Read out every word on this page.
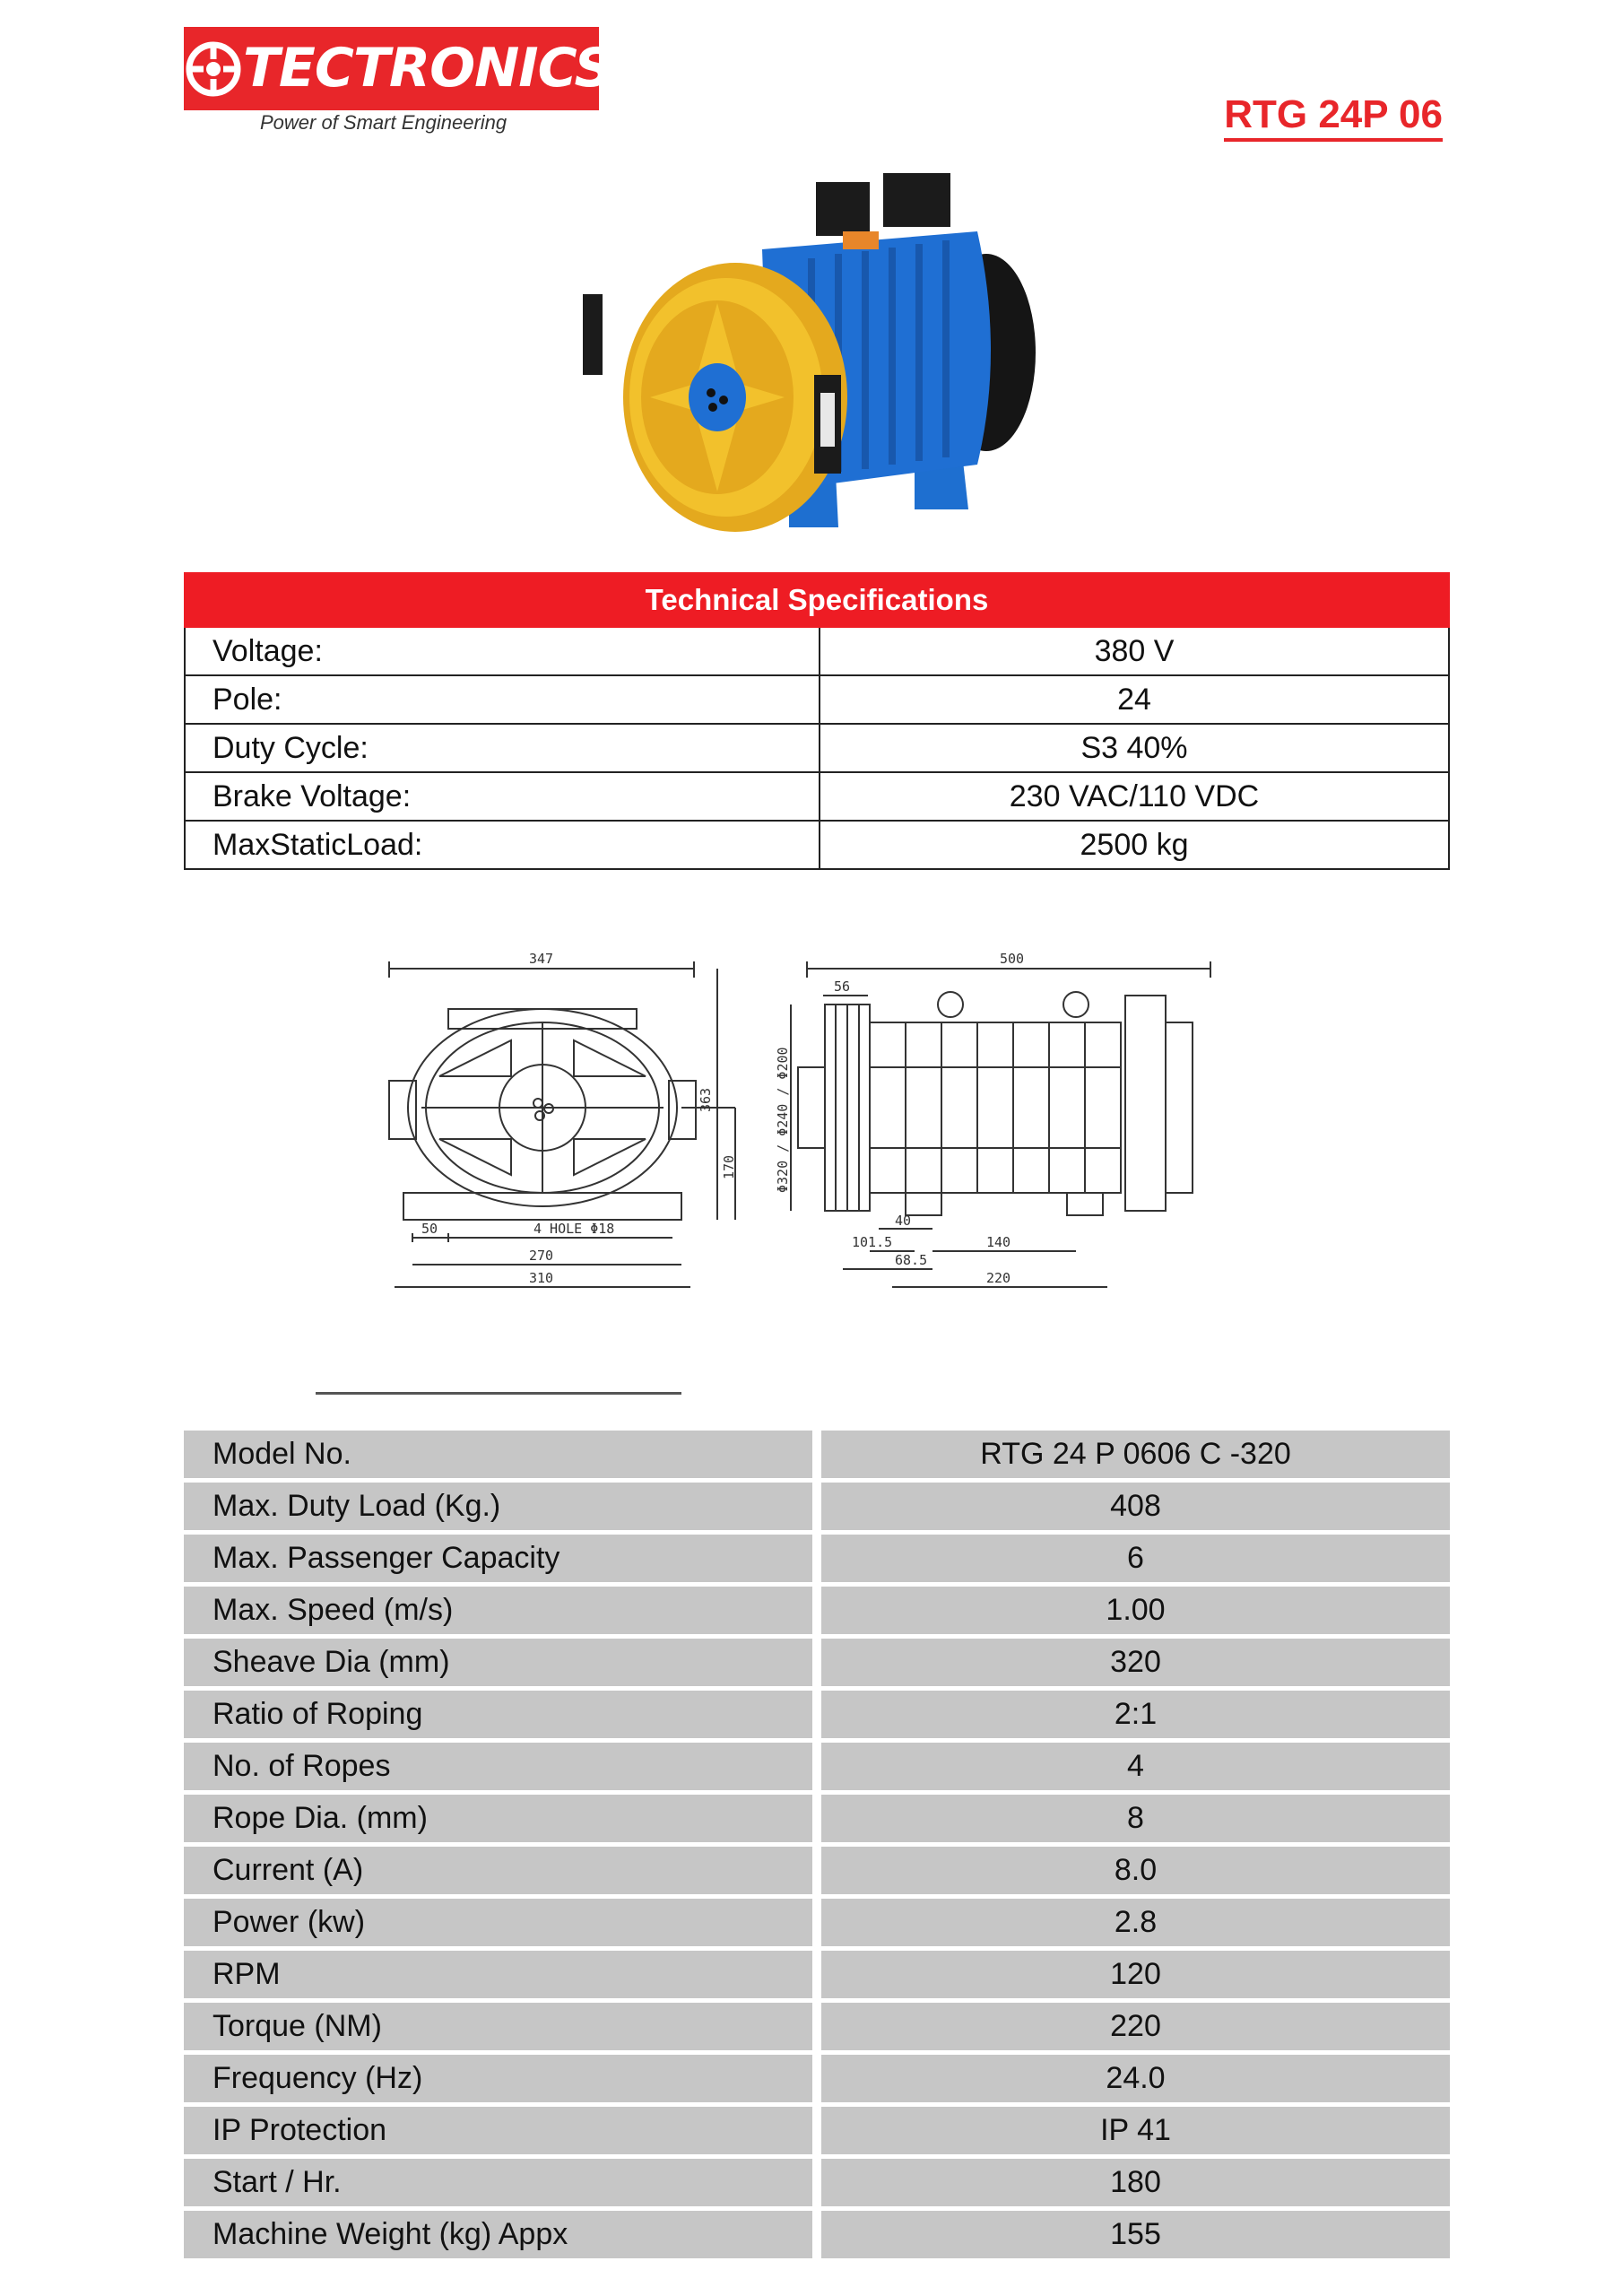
TECTRONICS
Power of Smart Engineering	RTG 24P 06
Technical Specifications	
Voltage:	380 V
Pole:	24
Duty Cycle:	S3 40%
Brake Voltage:	230 VAC/110 VDC
MaxStaticLoad:	2500 kg
347
363
170
50	4 HOLE Φ18
270
310
500
56
Φ320 / Φ240 / Φ200
40
140
101.5
68.5
220
Model No.	RTG 24 P 0606 C -320
Max. Duty Load (Kg.)	408
Max. Passenger Capacity	6
Max. Speed (m/s)	1.00
Sheave Dia (mm)	320
Ratio of Roping	2:1
No. of Ropes	4
Rope Dia. (mm)	8
Current (A)	8.0
Power (kw)	2.8
RPM	120
Torque (NM)	220
Frequency (Hz)	24.0
IP Protection	IP 41
Start / Hr.	180
Machine Weight (kg) Appx	155
